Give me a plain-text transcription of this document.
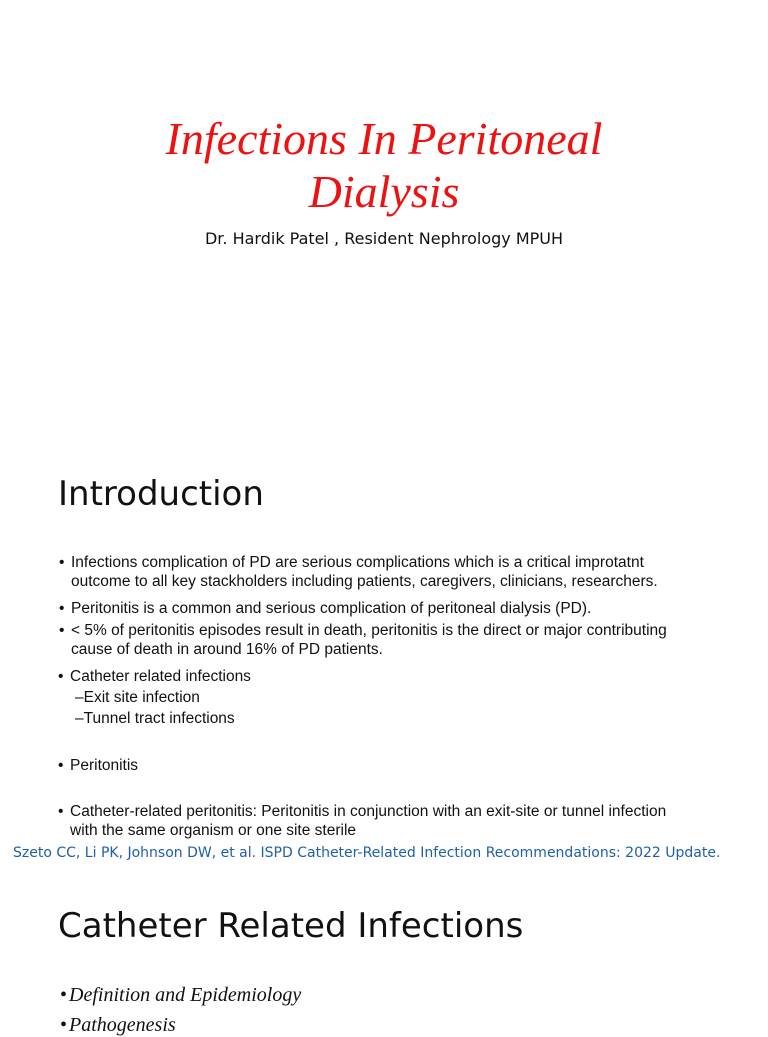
Infections In Peritoneal
Dialysis
Dr. Hardik Patel , Resident Nephrology MPUH
Introduction
• Infections complication of PD are serious complications which is a critical improtatnt
outcome to all key stackholders including patients, caregivers, clinicians, researchers.
• Peritonitis is a common and serious complication of peritoneal dialysis (PD).
• < 5% of peritonitis episodes result in death, peritonitis is the direct or major contributing
cause of death in around 16% of PD patients.
• Catheter related infections
–Exit site infection
–Tunnel tract infections
• Peritonitis
• Catheter-related peritonitis: Peritonitis in conjunction with an exit-site or tunnel infection
with the same organism or one site sterile
Szeto CC, Li PK, Johnson DW, et al. ISPD Catheter-Related Infection Recommendations: 2022 Update.
Catheter Related Infections
• Definition and Epidemiology
• Pathogenesis
